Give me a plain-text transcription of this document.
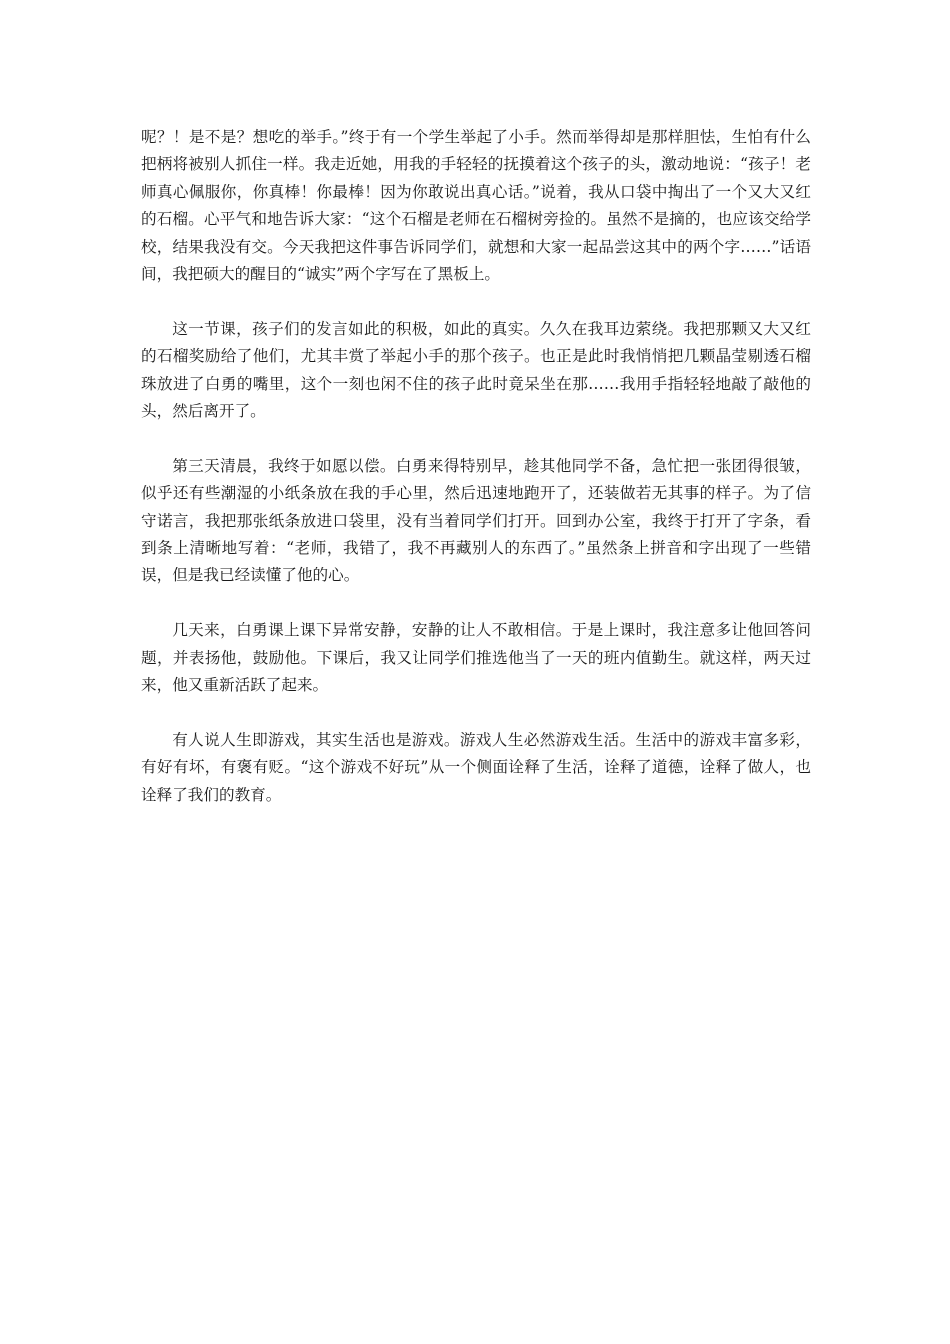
呢？！是不是？想吃的举手。”终于有一个学生举起了小手。然而举得却是那样胆怯，生怕有什么把柄将被别人抓住一样。我走近她，用我的手轻轻的抚摸着这个孩子的头，激动地说：“孩子！老师真心佩服你，你真棒！你最棒！因为你敢说出真心话。”说着，我从口袋中掏出了一个又大又红的石榴。心平气和地告诉大家：“这个石榴是老师在石榴树旁捡的。虽然不是摘的，也应该交给学校，结果我没有交。今天我把这件事告诉同学们，就想和大家一起品尝这其中的两个字……”话语间，我把硕大的醒目的“诚实”两个字写在了黑板上。

这一节课，孩子们的发言如此的积极，如此的真实。久久在我耳边萦绕。我把那颗又大又红的石榴奖励给了他们，尤其丰赏了举起小手的那个孩子。也正是此时我悄悄把几颗晶莹剔透石榴珠放进了白勇的嘴里，这个一刻也闲不住的孩子此时竟呆坐在那……我用手指轻轻地敲了敲他的头，然后离开了。

第三天清晨，我终于如愿以偿。白勇来得特别早，趁其他同学不备，急忙把一张团得很皱，似乎还有些潮湿的小纸条放在我的手心里，然后迅速地跑开了，还装做若无其事的样子。为了信守诺言，我把那张纸条放进口袋里，没有当着同学们打开。回到办公室，我终于打开了字条，看到条上清晰地写着：“老师，我错了，我不再藏别人的东西了。”虽然条上拼音和字出现了一些错误，但是我已经读懂了他的心。

几天来，白勇课上课下异常安静，安静的让人不敢相信。于是上课时，我注意多让他回答问题，并表扬他，鼓励他。下课后，我又让同学们推选他当了一天的班内值勤生。就这样，两天过来，他又重新活跃了起来。

有人说人生即游戏，其实生活也是游戏。游戏人生必然游戏生活。生活中的游戏丰富多彩，有好有坏，有褒有贬。“这个游戏不好玩”从一个侧面诠释了生活，诠释了道德，诠释了做人，也诠释了我们的教育。
